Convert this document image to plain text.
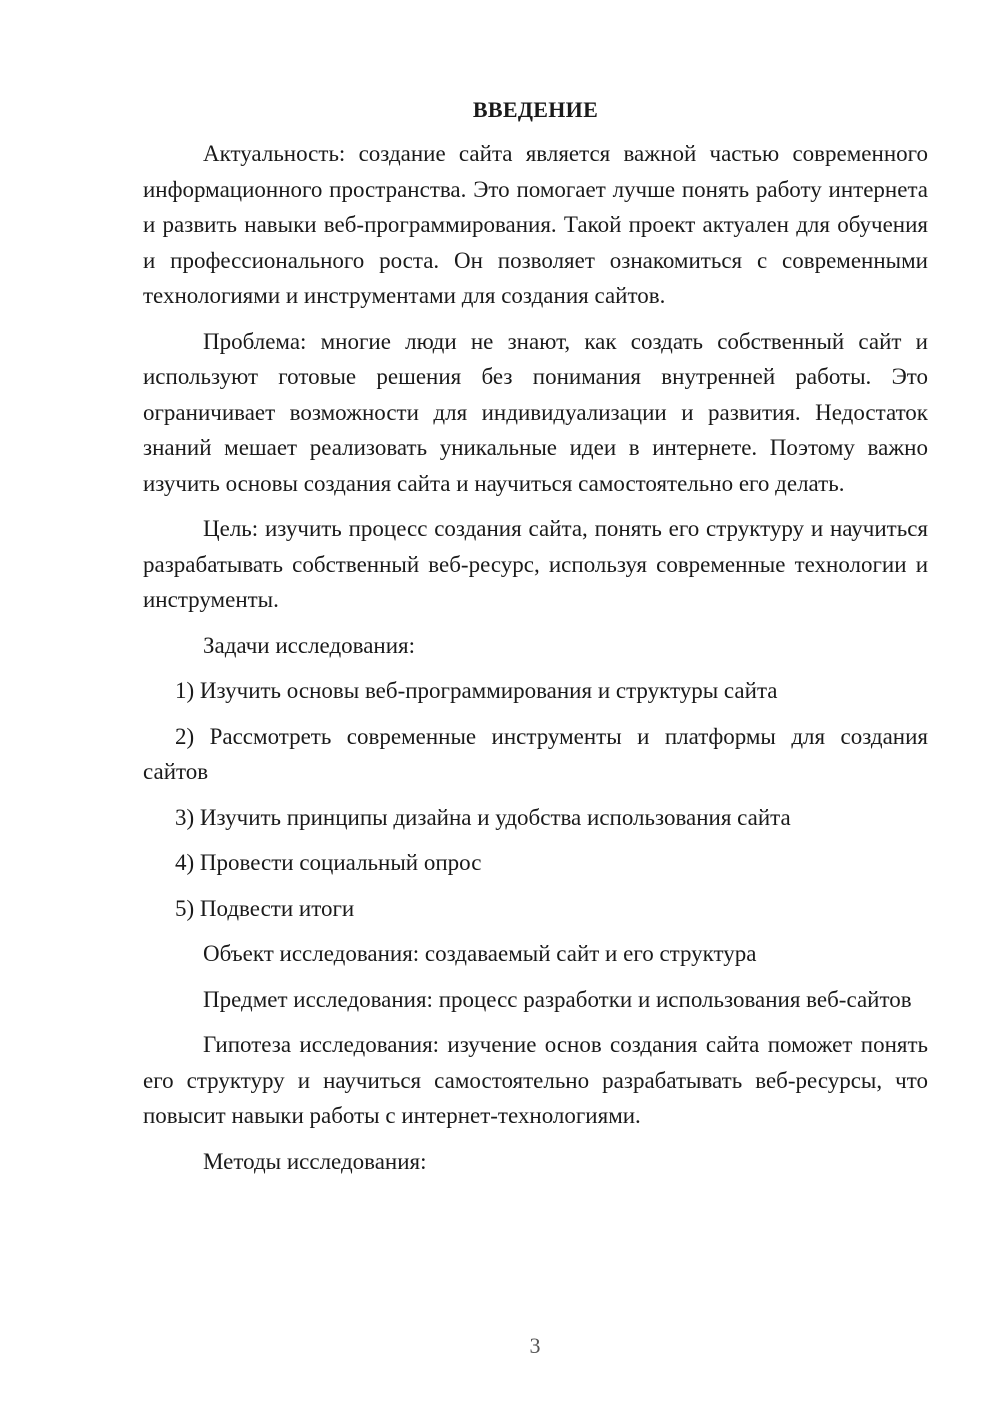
ВВЕДЕНИЕ

Актуальность: создание сайта является важной частью современного информационного пространства. Это помогает лучше понять работу интернета и развить навыки веб-программирования. Такой проект актуален для обучения и профессионального роста. Он позволяет ознакомиться с современными технологиями и инструментами для создания сайтов.

Проблема: многие люди не знают, как создать собственный сайт и используют готовые решения без понимания внутренней работы. Это ограничивает возможности для индивидуализации и развития. Недостаток знаний мешает реализовать уникальные идеи в интернете. Поэтому важно изучить основы создания сайта и научиться самостоятельно его делать.

Цель: изучить процесс создания сайта, понять его структуру и научиться разрабатывать собственный веб-ресурс, используя современные технологии и инструменты.

Задачи исследования:

1) Изучить основы веб-программирования и структуры сайта

2) Рассмотреть современные инструменты и платформы для создания сайтов

3) Изучить принципы дизайна и удобства использования сайта

4) Провести социальный опрос

5) Подвести итоги

Объект исследования: создаваемый сайт и его структура

Предмет исследования: процесс разработки и использования веб-сайтов

Гипотеза исследования: изучение основ создания сайта поможет понять его структуру и научиться самостоятельно разрабатывать веб-ресурсы, что повысит навыки работы с интернет-технологиями.

Методы исследования:

3
